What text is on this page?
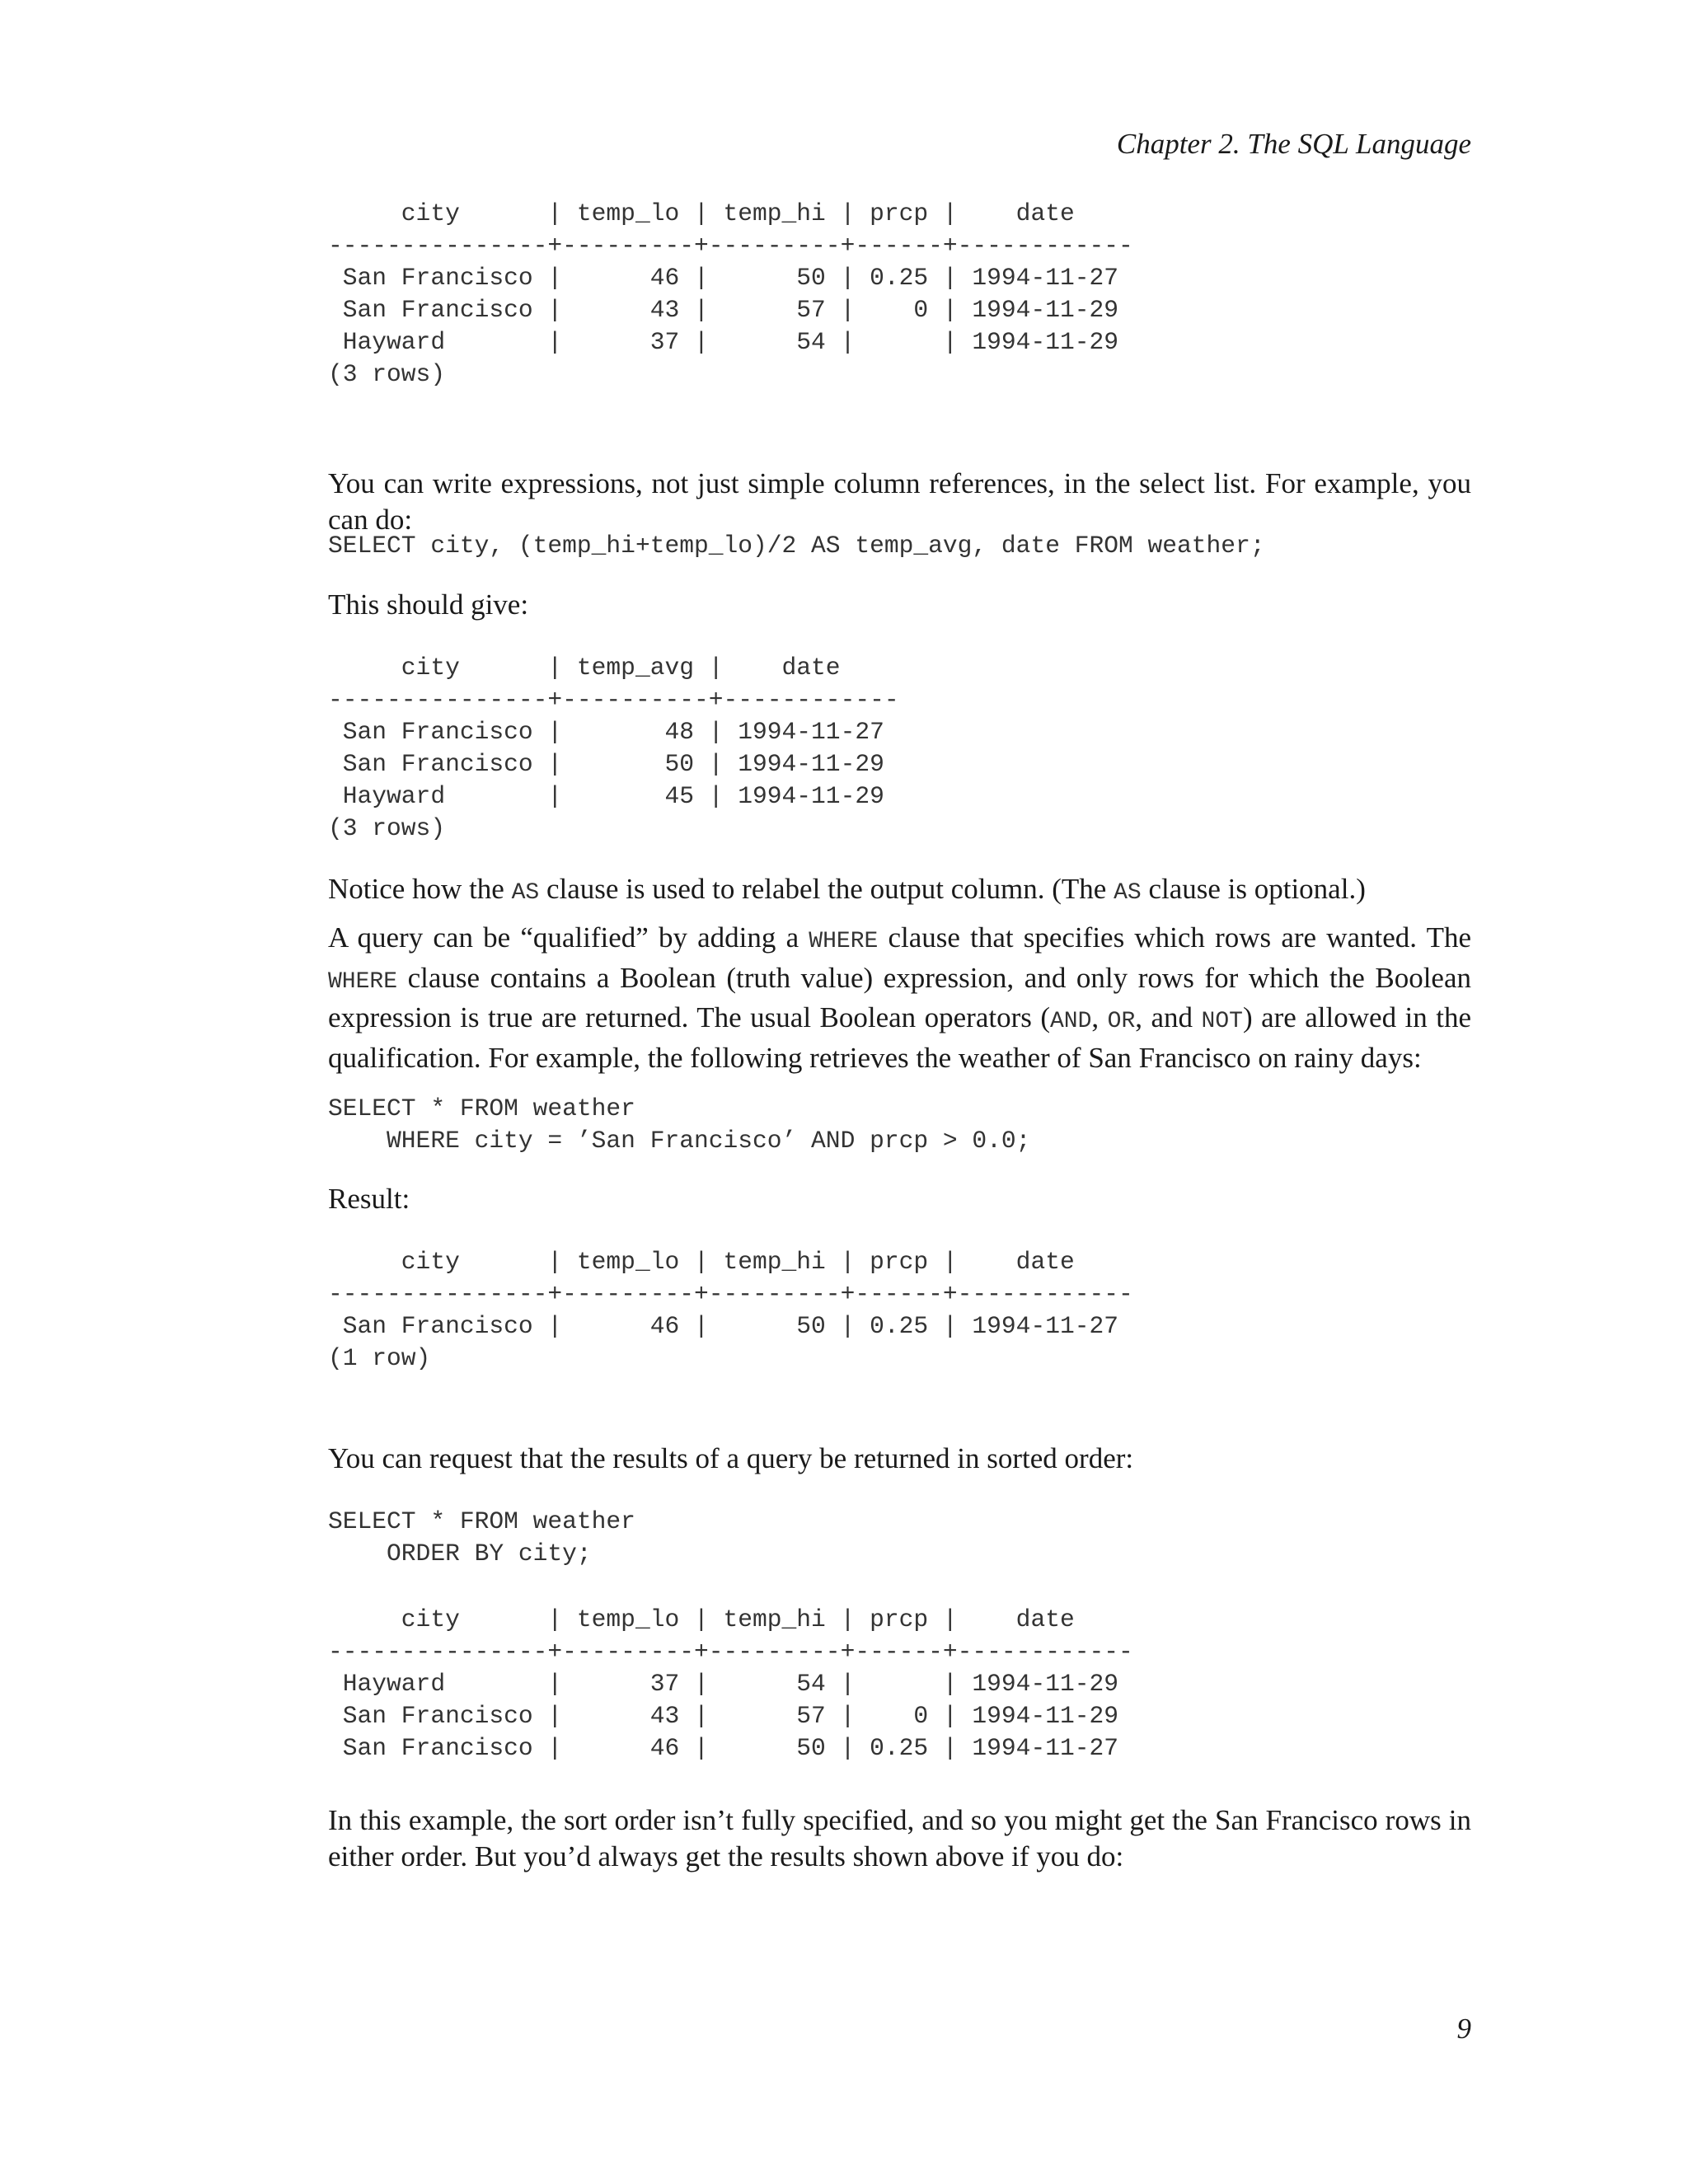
Chapter 2. The SQL Language
city      | temp_lo | temp_hi | prcp |    date
---------------+---------+---------+------+------------
San Francisco |      46 |      50 | 0.25 | 1994-11-27
San Francisco |      43 |      57 |    0 | 1994-11-29
Hayward       |      37 |      54 |      | 1994-11-29
(3 rows)

You can write expressions, not just simple column references, in the select list. For example, you can do:

SELECT city, (temp_hi+temp_lo)/2 AS temp_avg, date FROM weather;

This should give:

city      | temp_avg |    date
---------------+----------+------------
San Francisco |       48 | 1994-11-27
San Francisco |       50 | 1994-11-29
Hayward       |       45 | 1994-11-29
(3 rows)

Notice how the AS clause is used to relabel the output column. (The AS clause is optional.)

A query can be “qualified” by adding a WHERE clause that specifies which rows are wanted. The WHERE clause contains a Boolean (truth value) expression, and only rows for which the Boolean expression is true are returned. The usual Boolean operators (AND, OR, and NOT) are allowed in the qualification. For example, the following retrieves the weather of San Francisco on rainy days:

SELECT * FROM weather
WHERE city = ’San Francisco’ AND prcp > 0.0;

Result:

city      | temp_lo | temp_hi | prcp |    date
---------------+---------+---------+------+------------
San Francisco |      46 |      50 | 0.25 | 1994-11-27
(1 row)

You can request that the results of a query be returned in sorted order:

SELECT * FROM weather
ORDER BY city;
city      | temp_lo | temp_hi | prcp |    date
---------------+---------+---------+------+------------
Hayward       |      37 |      54 |      | 1994-11-29
San Francisco |      43 |      57 |    0 | 1994-11-29
San Francisco |      46 |      50 | 0.25 | 1994-11-27

In this example, the sort order isn’t fully specified, and so you might get the San Francisco rows in either order. But you’d always get the results shown above if you do:

9
